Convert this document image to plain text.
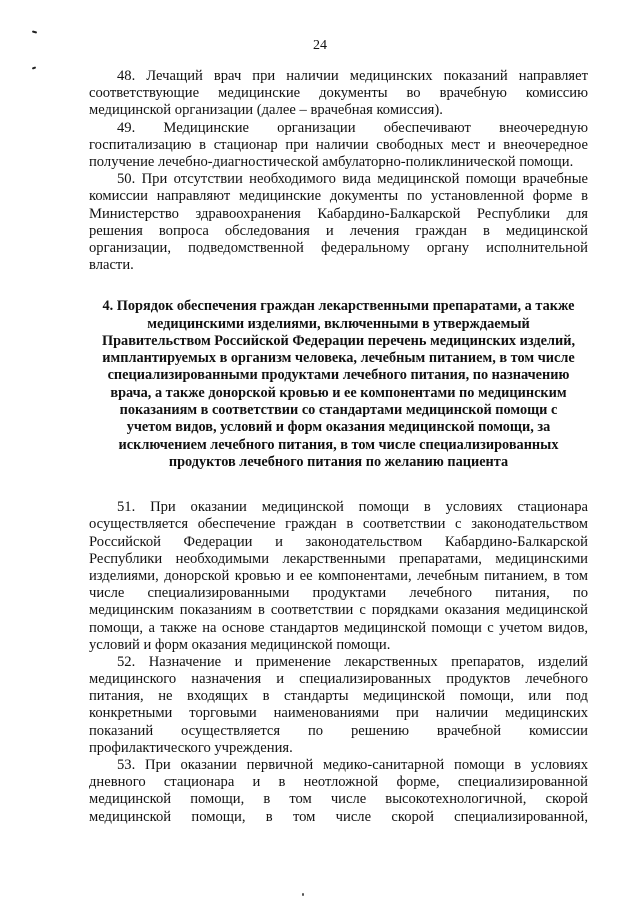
24

48. Лечащий врач при наличии медицинских показаний направляет
соответствующие медицинские документы во врачебную комиссию
медицинской организации (далее – врачебная комиссия).

49. Медицинские организации обеспечивают внеочередную
госпитализацию в стационар при наличии свободных мест и внеочередное
получение лечебно-диагностической амбулаторно-поликлинической помощи.

50. При отсутствии необходимого вида медицинской помощи врачебные
комиссии направляют медицинские документы по установленной форме в
Министерство здравоохранения Кабардино-Балкарской Республики для
решения вопроса обследования и лечения граждан в медицинской
организации, подведомственной федеральному органу исполнительной
власти.

4. Порядок обеспечения граждан лекарственными препаратами, а также
медицинскими изделиями, включенными в утверждаемый
Правительством Российской Федерации перечень медицинских изделий,
имплантируемых в организм человека, лечебным питанием, в том числе
специализированными продуктами лечебного питания, по назначению
врача, а также донорской кровью и ее компонентами по медицинским
показаниям в соответствии со стандартами медицинской помощи с
учетом видов, условий и форм оказания медицинской помощи, за
исключением лечебного питания, в том числе специализированных
продуктов лечебного питания по желанию пациента

51. При оказании медицинской помощи в условиях стационара
осуществляется обеспечение граждан в соответствии с законодательством
Российской Федерации и законодательством Кабардино-Балкарской
Республики необходимыми лекарственными препаратами, медицинскими
изделиями, донорской кровью и ее компонентами, лечебным питанием, в том
числе специализированными продуктами лечебного питания, по
медицинским показаниям в соответствии с порядками оказания медицинской
помощи, а также на основе стандартов медицинской помощи с учетом видов,
условий и форм оказания медицинской помощи.

52. Назначение и применение лекарственных препаратов, изделий
медицинского назначения и специализированных продуктов лечебного
питания, не входящих в стандарты медицинской помощи, или под
конкретными торговыми наименованиями при наличии медицинских
показаний осуществляется по решению врачебной комиссии
профилактического учреждения.

53. При оказании первичной медико-санитарной помощи в условиях
дневного стационара и в неотложной форме, специализированной
медицинской помощи, в том числе высокотехнологичной, скорой
медицинской помощи, в том числе скорой специализированной,
